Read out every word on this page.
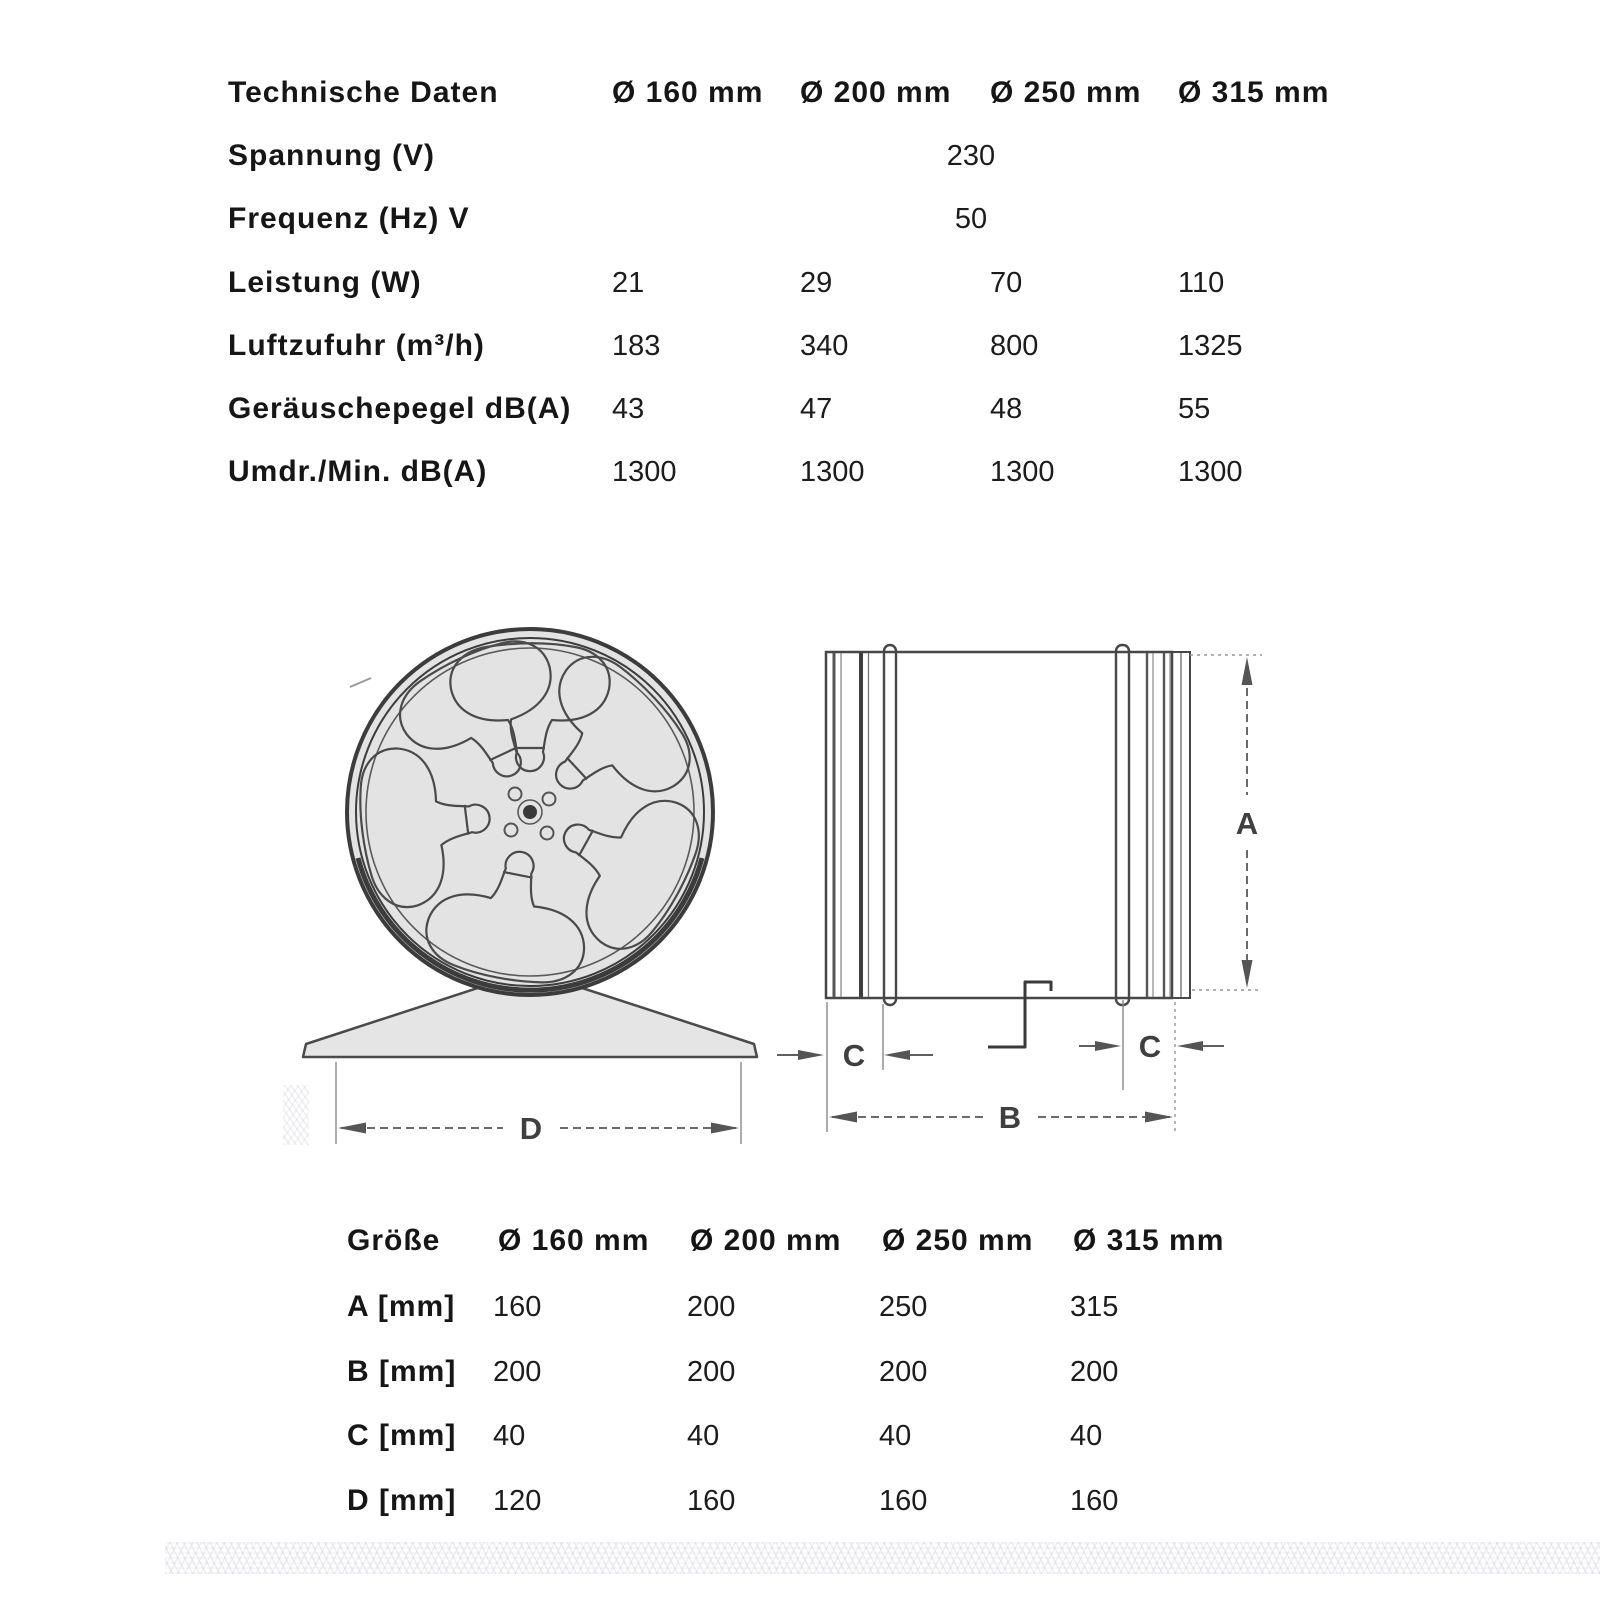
Technische Daten	Ø 160 mm Ø 200 mm Ø 250 mm Ø 315 mm
Spannung (V)	230
Frequenz (Hz) V	50
Leistung (W)	21	29	70	110
Luftzufuhr (m³/h)	183	340	800	1325
Geräuschepegel dB(A) 43	47	48	55
Umdr./Min. dB(A)	1300	1300	1300	1300
D
A
B
C	C
Größe Ø 160 mm Ø 200 mm Ø 250 mm Ø 315 mm
A [mm] 160	200	250	315
B [mm] 200	200	200	200
C [mm] 40	40	40	40
D [mm] 120	160	160	160
